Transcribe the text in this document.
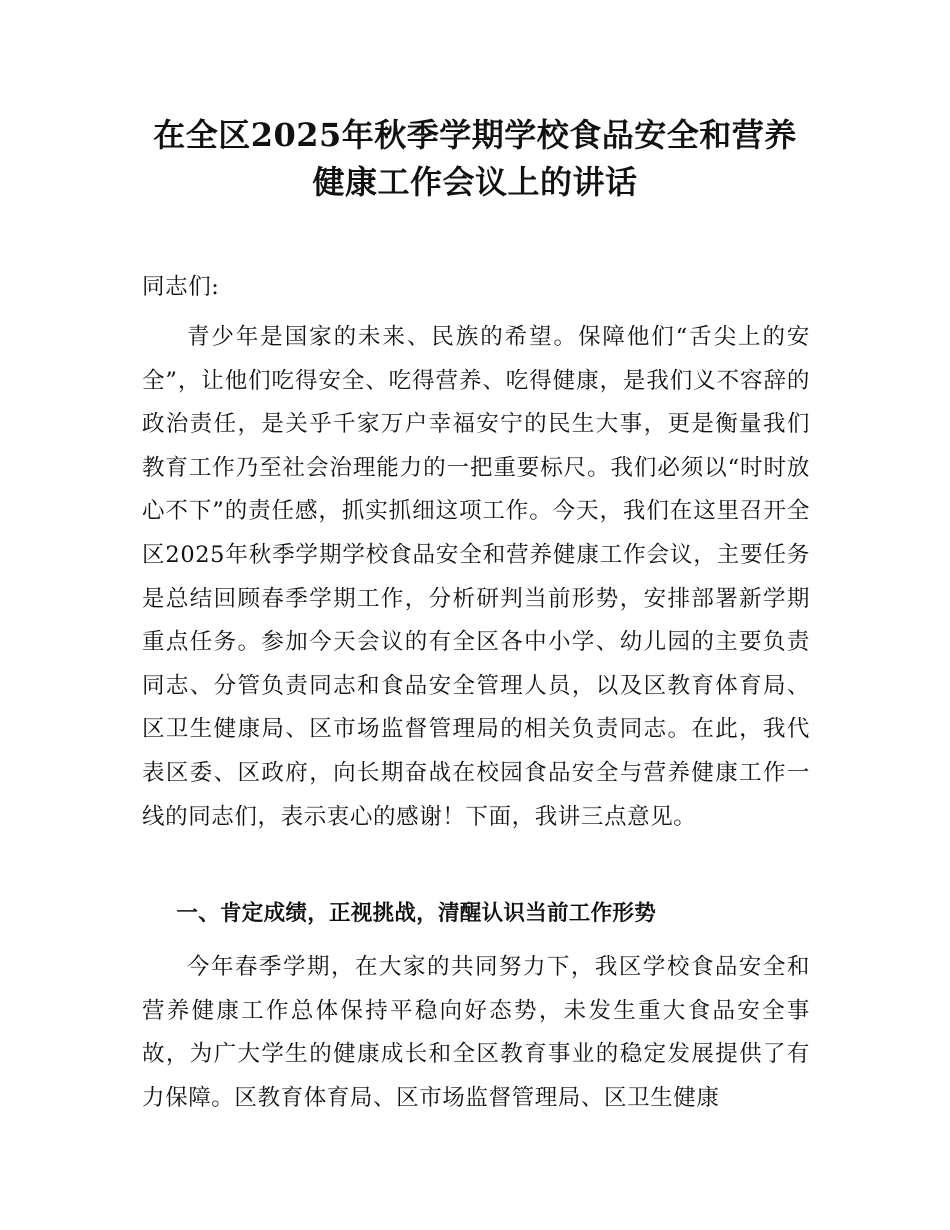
在全区2025年秋季学期学校食品安全和营养
健康工作会议上的讲话

同志们:

青少年是国家的未来、民族的希望。保障他们“舌尖上的安全”，让他们吃得安全、吃得营养、吃得健康，是我们义不容辞的政治责任，是关乎千家万户幸福安宁的民生大事，更是衡量我们教育工作乃至社会治理能力的一把重要标尺。我们必须以“时时放心不下”的责任感，抓实抓细这项工作。今天，我们在这里召开全区2025年秋季学期学校食品安全和营养健康工作会议，主要任务是总结回顾春季学期工作，分析研判当前形势，安排部署新学期重点任务。参加今天会议的有全区各中小学、幼儿园的主要负责同志、分管负责同志和食品安全管理人员，以及区教育体育局、区卫生健康局、区市场监督管理局的相关负责同志。在此，我代表区委、区政府，向长期奋战在校园食品安全与营养健康工作一线的同志们，表示衷心的感谢！下面，我讲三点意见。

一、肯定成绩，正视挑战，清醒认识当前工作形势

今年春季学期，在大家的共同努力下，我区学校食品安全和营养健康工作总体保持平稳向好态势，未发生重大食品安全事故，为广大学生的健康成长和全区教育事业的稳定发展提供了有力保障。区教育体育局、区市场监督管理局、区卫生健康
